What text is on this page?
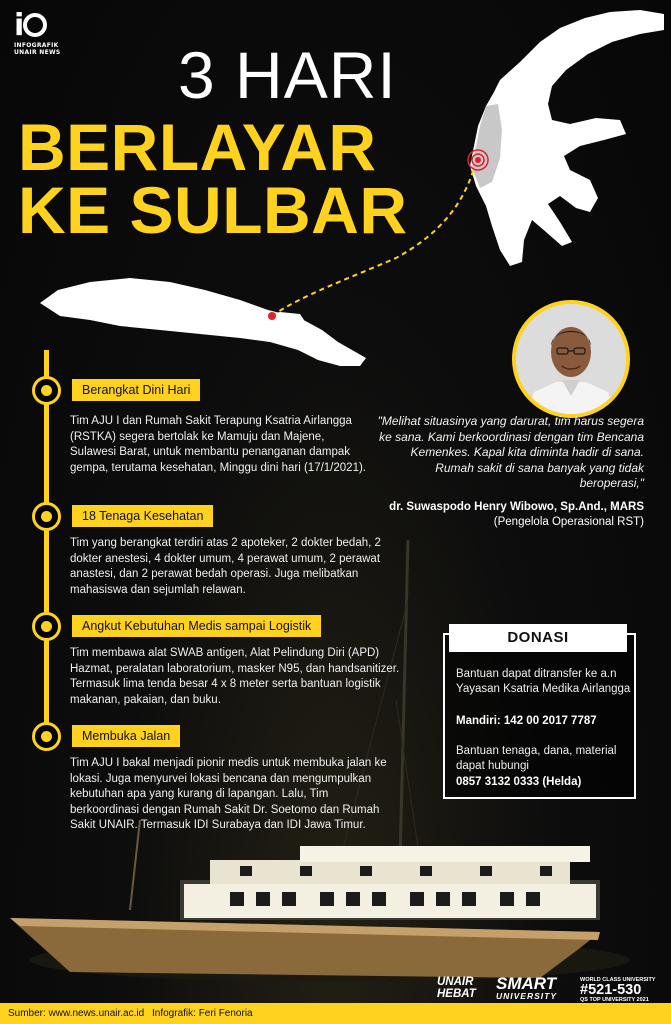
i
INFOGRAFIK
UNAIR NEWS 3 HARI
BERLAYAR
KE SULBAR
"Melihat situasinya yang darurat, tim harus segera ke sana. Kami berkoordinasi dengan tim Bencana Kemenkes. Kapal kita diminta hadir di sana. Rumah sakit di sana banyak yang tidak beroperasi,"
dr. Suwaspodo Henry Wibowo, Sp.And., MARS
(Pengelola Operasional RST)
Berangkat Dini Hari
Tim AJU I dan Rumah Sakit Terapung Ksatria Airlangga (RSTKA) segera bertolak ke Mamuju dan Majene, Sulawesi Barat, untuk membantu penanganan dampak gempa, terutama kesehatan, Minggu dini hari (17/1/2021).
18 Tenaga Kesehatan
Tim yang berangkat terdiri atas 2 apoteker, 2 dokter bedah, 2 dokter anestesi, 4 dokter umum, 4 perawat umum, 2 perawat anastesi, dan 2 perawat bedah operasi. Juga melibatkan mahasiswa dan sejumlah relawan.
Angkut Kebutuhan Medis sampai Logistik
Tim membawa alat SWAB antigen, Alat Pelindung Diri (APD) Hazmat, peralatan laboratorium, masker N95, dan handsanitizer. Termasuk lima tenda besar 4 x 8 meter serta bantuan logistik makanan, pakaian, dan buku.
Membuka Jalan
Tim AJU I bakal menjadi pionir medis untuk membuka jalan ke lokasi. Juga menyurvei lokasi bencana dan mengumpulkan kebutuhan apa yang kurang di lapangan. Lalu, Tim berkoordinasi dengan Rumah Sakit Dr. Soetomo dan Rumah Sakit UNAIR. Termasuk IDI Surabaya dan IDI Jawa Timur.
DONASI
Bantuan dapat ditransfer ke a.n Yayasan Ksatria Medika Airlangga
Mandiri: 142 00 2017 7787
Bantuan tenaga, dana, material dapat hubungi
0857 3132 0333 (Helda)
UNAIR
HEBAT
SMART
UNIVERSITY
WORLD CLASS UNIVERSITY
#521-530
QS TOP UNIVERSITY 2021
Sumber: www.news.unair.ac.id Infografik: Feri Fenoria
